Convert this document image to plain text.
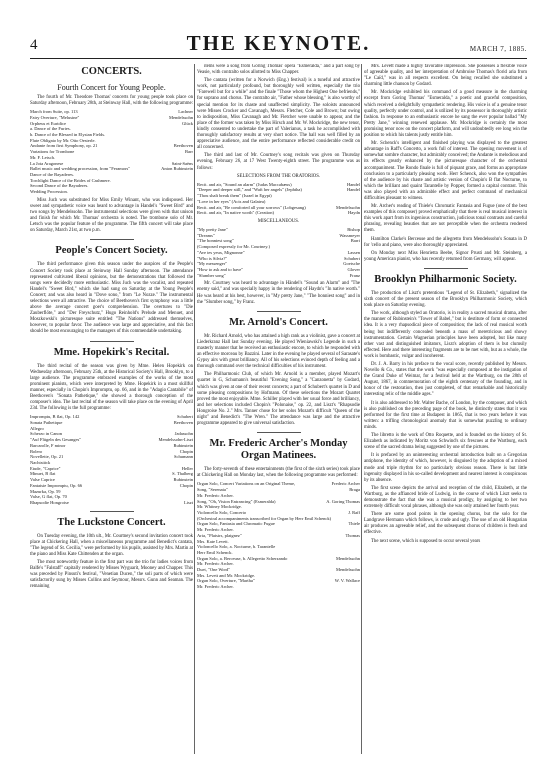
4	THE KEYNOTE.	MARCH 7, 1885.
CONCERTS.
Fourth Concert for Young People.

The fourth of Mr. Theodore Thomas' concerts for young people took place on Saturday afternoon, February 28th, at Steinway Hall, with the following programme:

March from Suite, op. 113	Lachner
Fairy Overture, "Melusine"	Mendelssohn
Orpheus et Euridice	Glück
a. Dance of the Furies.
b. Dance of the Blessed in Elysian Fields.
Flute Obligato by Mr. Otto Oesterle.
Andante from first Symphony, op. 21	Beethoven
Variations for Trombone	Barr
Mr. F. Letsch.
La Jota Aragonese	Saint-Saëns
Ballet music and wedding procession, from "Feramors"	Anton Rubinstein
Dance of the Bayaderes.
Torchlight Dance of the Brides of Cashmere.
Second Dance of the Bayaderes.
Wedding Procession.

Miss Juch was substituted for Miss Emily Winant, who was indisposed. Her sweet and sympathetic voice was heard to advantage in Handel's "Sweet Bird" and two songs by Mendelssohn. The instrumental selections were given with that unison and finish for which Mr. Thomas' orchestra is noted. The trombone solo of Mr. Letsch was the popular feature of the programme. The fifth concert will take place on Saturday, March 21st, at two p.m.

People's Concert Society.

The third performance given this season under the auspices of the People's Concert Society took place at Steinway Hall Sunday afternoon. The attendance represented cultivated liberal opinions, but the demonstrations that followed the songs were decidedly more enthusiastic. Miss Juch was the vocalist, and repeated Handel's "Sweet Bird," which she had sung on Saturday at the Young People's Concert; and was also heard in "Dove sono," from "Le Nozze." The instrumental selections were all attractive. The choice of Beethoven's first symphony was a little above the average concert goer's comprehension. The overtures to "Die Zauberflöte," and "Der Freyschutz," Hugo Reinhold's Prelude and Menuet, and Moszkowski's picturesque suite entitled "The Nations" addressed themselves, however, to popular favor. The audience was large and appreciative, and this fact should be most encouraging to the managers of this commendable undertaking.

Mme. Hopekirk's Recital.

The third recital of the season was given by Mme. Helen Hopekirk on Wednesday afternoon, February 25th, at the Historical Society's Hall, Brooklyn, to a large audience. The programme embraced examples of the works of the most prominent pianists, which were interpreted by Mme. Hopekirk in a most skillful manner, especially in Chopin's Impromptu, op. 66, and in the "Adagio Cantabile" of Beethoven's "Sonata Pathetique," she showed a thorough conception of the composer's idea. The last recital of the season will take place on the evening of April 23d. The following is the full programme:

Impromptu, B flat, Op. 142	Schubert
Sonata Pathetique	Beethoven
Allegro
Scherzo in Canon	Jadassohn
"Auf Flügeln des Gesanges"	Mendelssohn-Liszt
Barcarolle, F minor	Rubinstein
Bolero	Chopin
Novellette, Op. 21	Schumann
Nachtstück
Etude, "Caprice"	Heller
Minuet, B flat	S. Thalberg
Valse Caprice	Rubinstein
Fantaisie Impromptu, Op. 66	Chopin
Mazurka, Op. 59
Valse, G flat, Op. 70
Rhapsodie Hongroise	Liszt
The Luckstone Concert.

On Tuesday evening, the 10th ult., Mr. Courtney's second invitation concert took place at Chickering Hall, when a miscellaneous programme and Benedict's cantata, "The legend of St. Cecilia," were performed by his pupils, assisted by Mrs. Martin at the piano and Miss Kate Chittenden at the organ.

The most noteworthy feature in the first part was the trio for ladies voices from Balfe's "Falstaff" capitally rendered by Misses Wyguarit, Mooney and Chapper. This was preceded by Pinsuti's festival, "Venetian Ducen," the soli parts of which were satisfactorily sung by Misses Collins and Seymour, Messrs. Gunn and Seaman. The remaining

items were a song from Goring Thomas' opera "Esmeralda," and a part song by Veasie, with contralto solos allotted to Miss Chapper.

The cantata (written for a Norwich (Eng.) festival) is a tuneful and attractive work, not particularly profound, but thoroughly well written, especially the trio "Farewell but for a while" and the finale "Those whom the Highest One befriends," for soprano and chorus. The contralto air, "Father whose blessing," is also worthy of special mention for its chaste and unaffected simplicity. The soloists announced were Misses Crocker and Cavanagh, Messrs. Fletcher, Cole and Brown; but owing to indisposition, Miss Cavanagh and Mr. Fletcher were unable to appear, and the place of the former was taken by Miss Hirsch and Mr. W. Mockridge, the new tenor, kindly consented to undertake the part of Valerianus, a task he accomplished with thoroughly satisfactory results at very short notice. The hall was well filled by an appreciative audience, and the entire performance reflected considerable credit on all concerned.

The third and last of Mr. Courtney's song recitals was given on Thursday evening, February 26, at 17 West Twenty-eighth street. The programme was as follows:

SELECTIONS FROM THE ORATORIOS.
Recit. and air, "Sound an alarm" (Judas Maccabæus)	Handel
"Deeper and deeper still," and "Waft her angels" (Jephtha)	Handel
"Thou shalt break them" (Israel in Egypt)
"Love in her eyes" (Acis and Galatea)
Recit. and air, "Be comforted all your sorrows" (Lobgesang)	Mendelssohn
Recit. and air, "In native worth" (Creation)	Haydn
MISCELLANEOUS.
"My pretty Jane"	Bishop
"Dreams"	Wassmeyer
"The bonniest song"	Barri
(Composed expressly for Mr. Courtney.)
"Ave tes yeux, Mignonne"	Lassen
"Who is Silvia?"	Schubert
"My messenger"	Goetsche
"How to ask and to have"	Glover
"Slumber song"	Franz

Mr. Courtney was heard to advantage in Händel's "Sound an Alarm" and "The enemy said," and was specially happy in the rendering of Haydn's "In native worth." He was heard at his best, however, in "My pretty Jane," "The bonniest song" and in the "Slumber song," by Franz.

Mr. Arnold's Concert.

Mr. Richard Arnold, who has attained a high rank as a violinist, gave a concert at Liederkranz Hall last Sunday evening. He played Wieniawski's Legende in such a masterly manner that he received an enthusiastic encore, to which he responded with an effective morceau by Bazzini. Later in the evening he played several of Sarasate's Gypsy airs with great brilliancy. All of his selections evinced depth of feeling and a thorough command over the technical difficulties of his instrument.

The Philharmonic Club, of which Mr. Arnold is a member, played Mozart's quartet in G, Schumann's beautiful "Evening Song," a "Canzonetta" by Godard, which was given at one of their recent concerts; a part of Schubert's quartet in D and some pleasing compositions by Hofmann. Of these selections the Mozart Quartet proved the most enjoyable. Mme. Schiller played with her usual force and brilliancy, and her selections included Chopin's "Polonaise," op. 22, and Liszt's "Rhapsodie Hongroise No. 2." Mrs. Tanner chose for her solos Mozart's difficult "Queen of the night" and Benedict's "The Wren." The attendance was large and the attractive programme appeared to give universal satisfaction.

Mr. Frederic Archer's Monday Organ Matinees.

The forty-seventh of these entertainments (the first of the sixth series) took place at Chickering Hall on Monday last, when the following programme was performed:

Organ Solo, Concert Variations on an Original Theme,	Frederic Archer
Song, "Serenata"	Braga
Mr. Frederic Archer.
Song, "Oh, Vision Entrancing" (Esmeralda)	A. Goring Thomas
Mr. Whitney Mockridge.
Violoncello Solo, Concerto	J. Raff
(Orchestral accompaniments transcribed for Organ by Herr Emil Schenck)
Organ Solo, Fantasia and Chromatic Fugue	Thiele
Mr. Frederic Archer.
Aria, "Plaisirs, plaignez"	Thomas
Mrs. Kate Levett.
Violoncello Solo, a. Nocturne, b. Tarantelle
Herr Emil Schenck.
Organ Solo, a. Berceuse, b. Allegretto Scherzando	Mendelssohn
Mr. Frederic Archer.
Duet, "One Word"	Mendelssohn
Mrs. Levett and Mr. Mockridge.
Organ Solo, Overture, "Martha"	W. V. Wallace
Mr. Frederic Archer.

Mrs. Levett made a highly favorable impression. She possesses a flexible voice of agreeable quality, and her interpretation of Ambroise Thomas's florid aria from "Le Caïd," was in all respects excellent. On being recalled she substituted a charming little chanson by Godard.

Mr. Mockridge exhibited his command of a good measure in the charming excerpt from Goring Thomas' "Esmeralda," a poetic and graceful composition, which received a delightfully sympathetic rendering. His voice is of a genuine tenor quality, perfectly under control, and is utilized by its possessor in thoroughly artistic fashion. In response to an enthusiastic encore he sang the ever popular ballad "My Pretty Jane," winning renewed applause. Mr. Mockridge is certainly the most promising tenor now on the concert platform, and will undoubtedly ere long win the position to which his talents justly entitle him.

Mr. Schenck's intelligent and finished playing was displayed to the greatest advantage in Raff's Concerto, a work full of interest. The opening movement is of somewhat sombre character, but admirably conceived; the Andante is melodious and its effects greatly enhanced by the picturesque character of the orchestral accompaniment. The Rondo finale is full of piquant grace, and forms an appropriate conclusion to a particularly pleasing work. Herr Schenck, also won the sympathies of the audience by his chaste and artistic version of Chopin's B flat Nocturne, to which the brilliant and quaint Tarantelle by Popper, formed a capital contrast. This was also played with an admirable effect and perfect command of mechanical difficulties pleasant to witness.

Mr. Archer's reading of Thiele's Chromatic Fantasia and Fugue (one of the best examples of this composer) proved emphatically that there is real musical interest in this work apart from its ingenious construction, judicious tonal contrasts and careful phrasing, revealing beauties that are not perceptible when the orchestra rendered them.

Hamilton Clarke's Berceuse and the allegretto from Mendelssohn's Sonata in D for 'cello and piano, were also thoroughly appreciated.

On Monday next Miss Henrietta Beebe, Signor Prusti and Mr. Steinberg, a young American pianist, who has recently returned from Germany, will appear.

Brooklyn Philharmonic Society.

The production of Liszt's pretentious "Legend of St. Elizabeth," signalized the sixth concert of the present season of the Brooklyn Philharmonic Society, which took place on Saturday evening.

The work, although styled an Oratorio, is in reality a sacred musical drama, after the manner of Rubinstein's "Tower of Babel," but is destitute of form or connected idea. It is a very rhapsodical piece of composition; the lack of real musical worth being but indifferently concealed beneath a mass of meretricious and showy instrumentation. Certain Wagnerian principles have been adopted, but like many other vast and distinguished imitators, Liszt's adoption of them is but clumsily effected. Here and there interesting fragments are to be met with, but as a whole, the work is bombastic, vulgar and incoherent.

Dr. J. A. Barry in his preface to the vocal score, recently published by Messrs. Novello & Co., states that the work "was especially composed at the instigation of the Grand Duke of Weimar, for a festival held at the Wartburg, on the 28th of August, 1867, in commemoration of the eighth centenary of the founding, and in honor of the restoration, then just completed, of that remarkable and historically interesting relic of the middle ages."

It is also addressed to Mr. Walter Bache, of London, by the composer, and which is also published on the preceding page of the book, he distinctly states that it was performed for the first time at Budapest in 1865, that is two years before it was written: a trifling chronological anomaly that is somewhat puzzling to ordinary minds.

The libretto is the work of Otto Roquette, and is founded on the history of St. Elizabeth as indicated by Moritz von Schwind's six frescoes at the Wartburg, each scene of the sacred drama being suggested by one of the pictures.

It is prefaced by an uninteresting orchestral introduction built on a Gregorian antiphone, the identity of which, however, is disguised by the adoption of a mixed mode and triple rhythm for no particularly obvious reason. There is but little ingenuity displayed in his so-called development and nearest interest is conspicuous by its absence.

The first scene depicts the arrival and reception of the child, Elizabeth, at the Wartburg, as the affianced bride of Ludwig, in the course of which Liszt seeks to demonstrate the fact that she was a musical prodigy, by assigning to her two extremely difficult vocal phrases, although she was only attained her fourth year.

There are some good points in the opening chorus, but the solo for the Landgrave Hermann which follows, is crude and ugly. The use of an old Hungarian air produces an agreeable relief, and the subsequent chorus of children is fresh and effective.

The next scene, which is supposed to occur several years
